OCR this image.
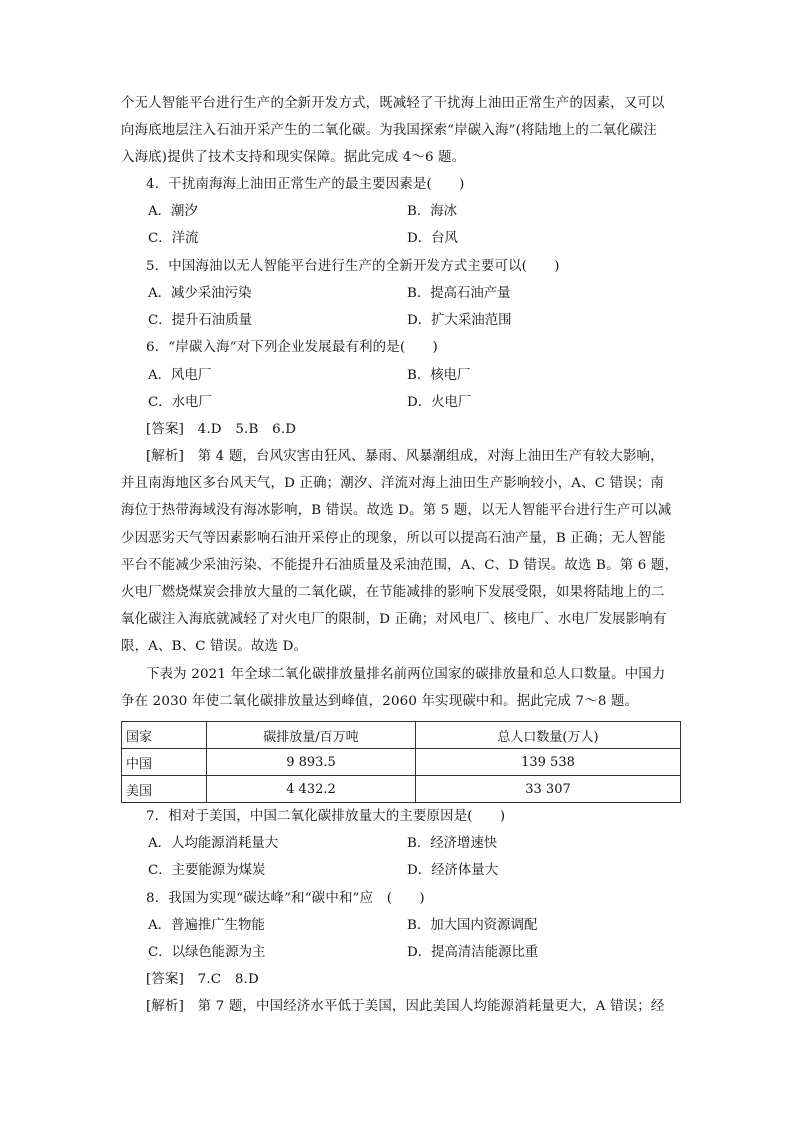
个无人智能平台进行生产的全新开发方式，既减轻了干扰海上油田正常生产的因素，又可以
向海底地层注入石油开采产生的二氧化碳。为我国探索“岸碳入海”(将陆地上的二氧化碳注
入海底)提供了技术支持和现实保障。据此完成 4～6 题。
4．干扰南海海上油田正常生产的最主要因素是(　　)
A．潮汐	B．海冰
C．洋流	D．台风
5．中国海油以无人智能平台进行生产的全新开发方式主要可以(　　)
A．减少采油污染	B．提高石油产量
C．提升石油质量	D．扩大采油范围
6．“岸碳入海”对下列企业发展最有利的是(　　)
A．风电厂	B．核电厂
C．水电厂	D．火电厂
[答案]　4.D　5.B　6.D
[解析]　第 4 题，台风灾害由狂风、暴雨、风暴潮组成，对海上油田生产有较大影响，
并且南海地区多台风天气，D 正确；潮汐、洋流对海上油田生产影响较小，A、C 错误；南
海位于热带海域没有海冰影响，B 错误。故选 D。第 5 题，以无人智能平台进行生产可以减
少因恶劣天气等因素影响石油开采停止的现象，所以可以提高石油产量，B 正确；无人智能
平台不能减少采油污染、不能提升石油质量及采油范围，A、C、D 错误。故选 B。第 6 题，
火电厂燃烧煤炭会排放大量的二氧化碳，在节能减排的影响下发展受限，如果将陆地上的二
氧化碳注入海底就减轻了对火电厂的限制，D 正确；对风电厂、核电厂、水电厂发展影响有
限，A、B、C 错误。故选 D。
下表为 2021 年全球二氧化碳排放量排名前两位国家的碳排放量和总人口数量。中国力
争在 2030 年使二氧化碳排放量达到峰值，2060 年实现碳中和。据此完成 7～8 题。
国家	碳排放量/百万吨	总人口数量(万人)
中国	9 893.5	139 538
美国	4 432.2	33 307
7．相对于美国，中国二氧化碳排放量大的主要原因是(　　)
A．人均能源消耗量大	B．经济增速快
C．主要能源为煤炭	D．经济体量大
8．我国为实现“碳达峰”和“碳中和”应　(　　)
A．普遍推广生物能	B．加大国内资源调配
C．以绿色能源为主	D．提高清洁能源比重
[答案]　7.C　8.D
[解析]　第 7 题，中国经济水平低于美国，因此美国人均能源消耗量更大，A 错误；经
